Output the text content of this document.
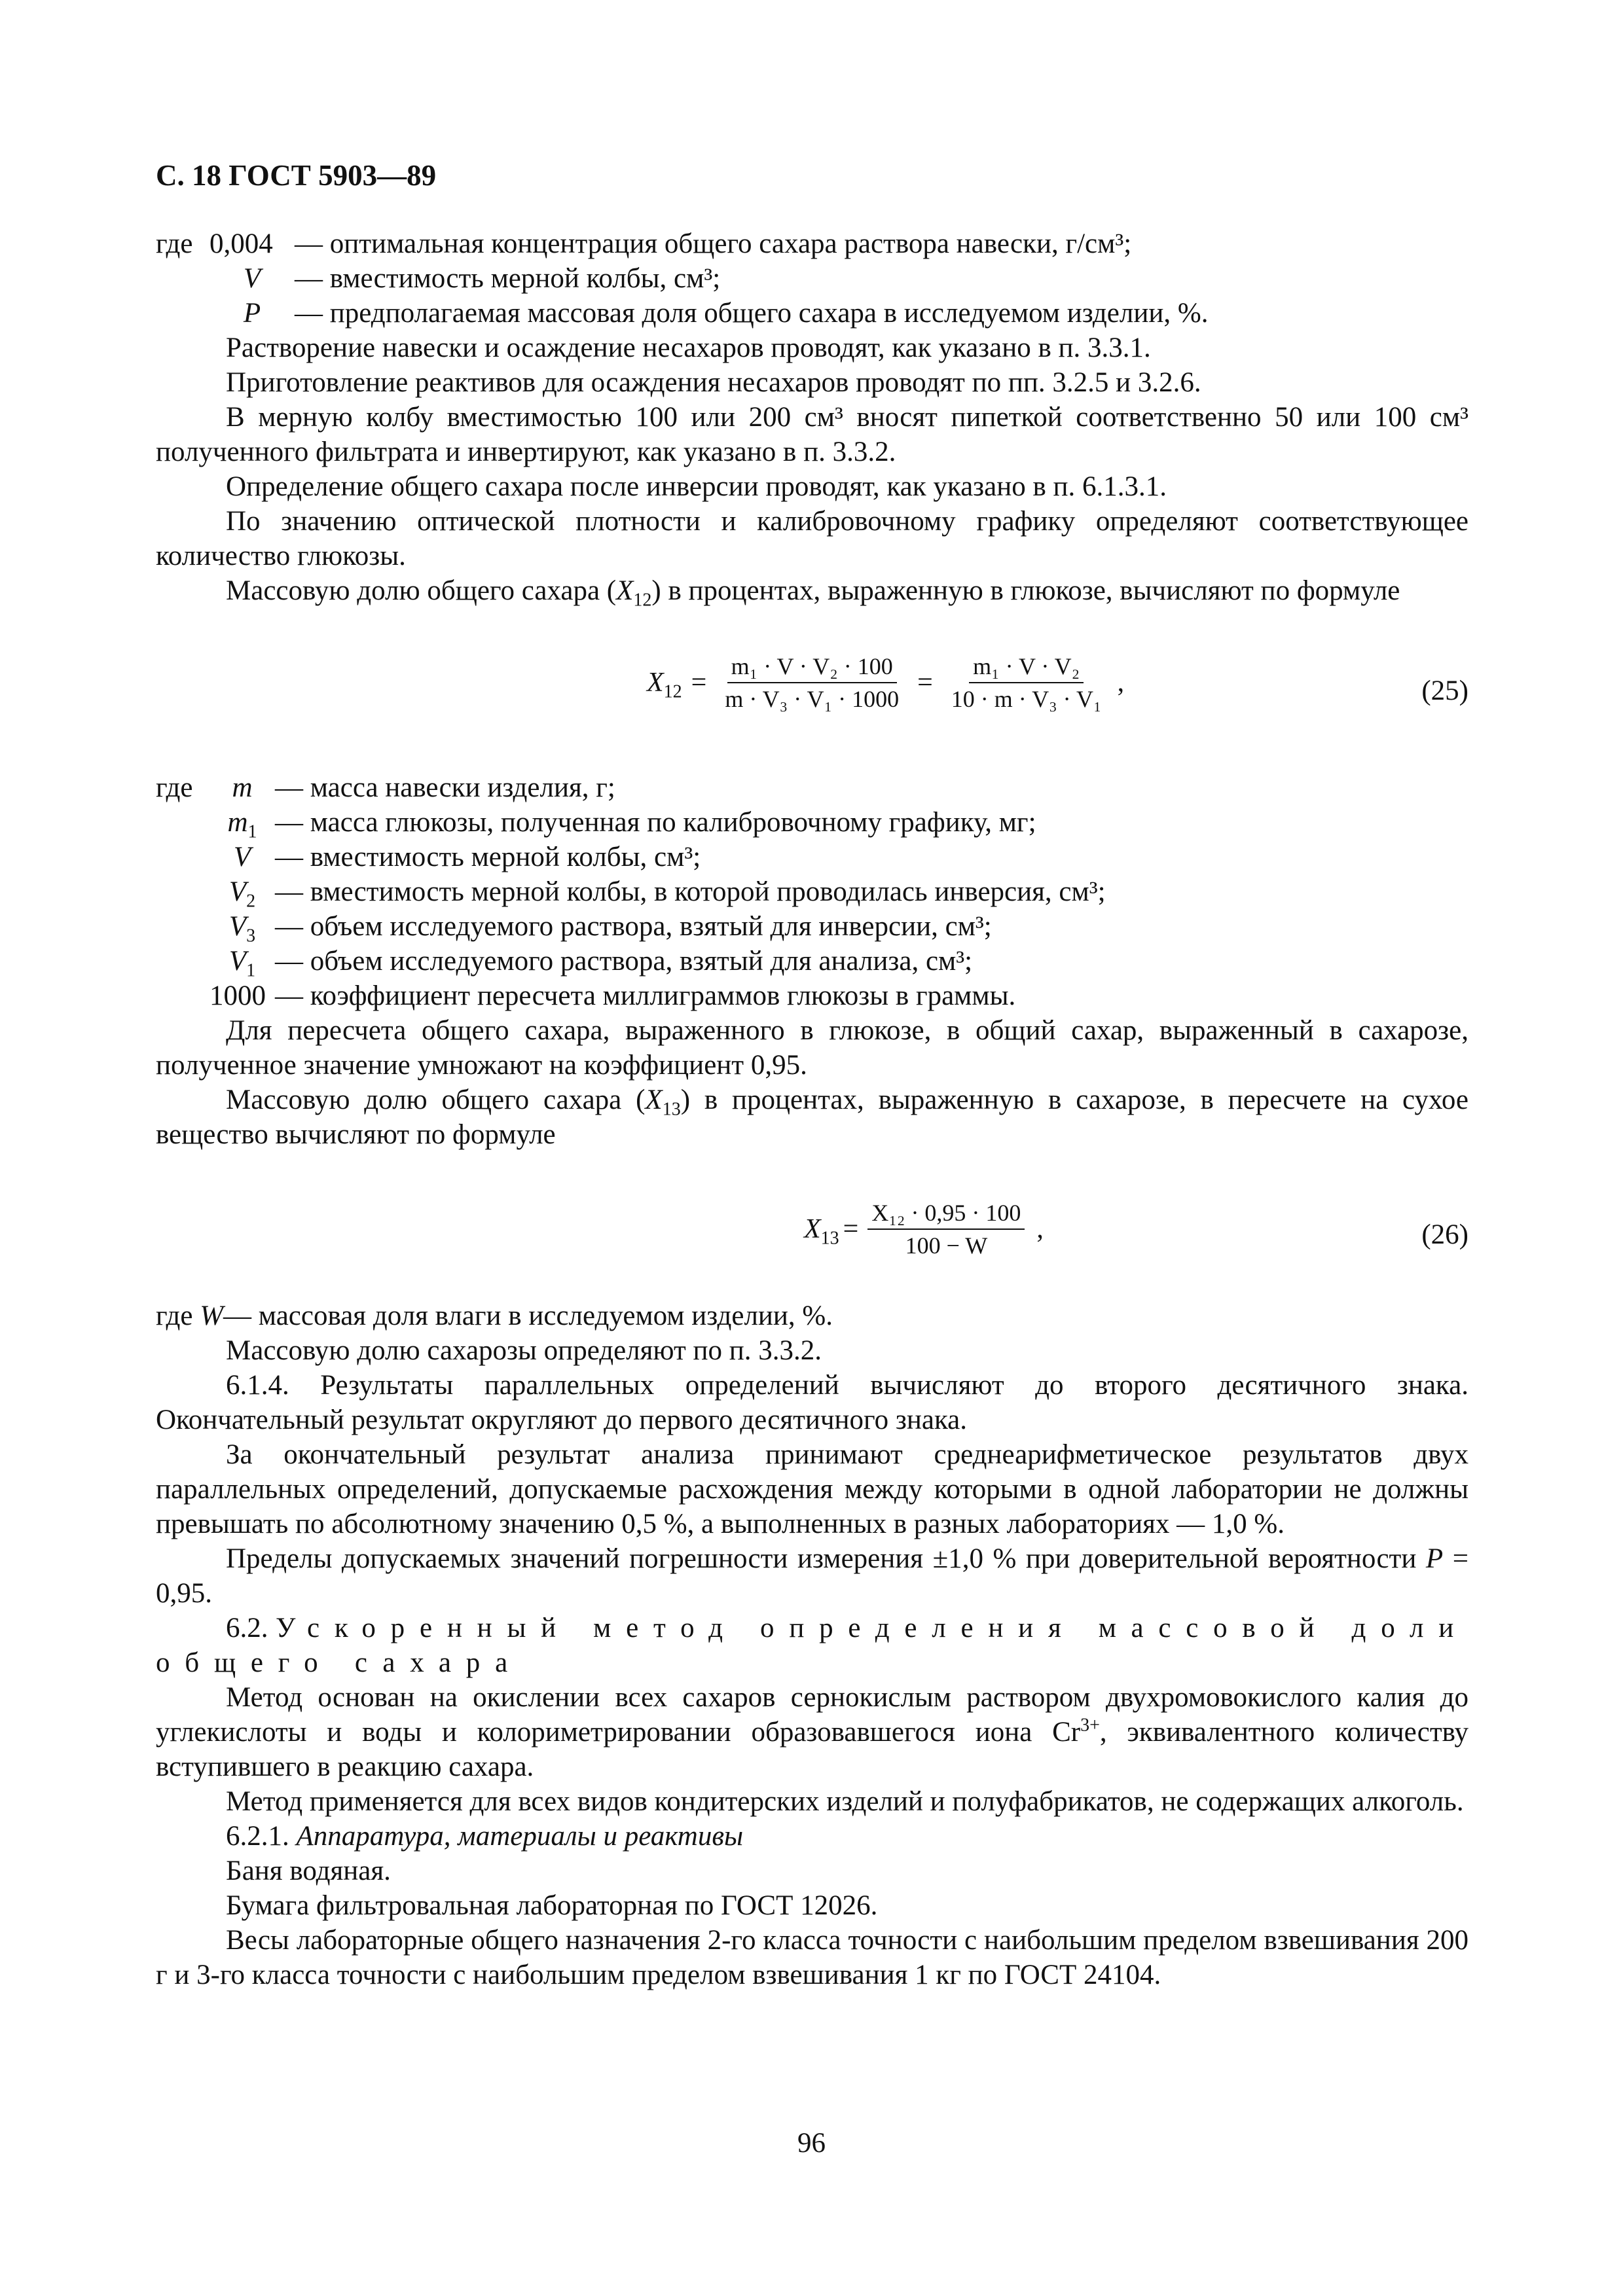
С. 18 ГОСТ 5903—89
где	0,004	— оптимальная концентрация общего сахара раствора навески, г/см³;
	V	— вместимость мерной колбы, см³;
	P	— предполагаемая массовая доля общего сахара в исследуемом изделии, %.

Растворение навески и осаждение несахаров проводят, как указано в п. 3.3.1.

Приготовление реактивов для осаждения несахаров проводят по пп. 3.2.5 и 3.2.6.

В мерную колбу вместимостью 100 или 200 см³ вносят пипеткой соответственно 50 или 100 см³ полученного фильтрата и инвертируют, как указано в п. 3.3.2.

Определение общего сахара после инверсии проводят, как указано в п. 6.1.3.1.

По значению оптической плотности и калибровочному графику определяют соответствующее количество глюкозы.

Массовую долю общего сахара $(X_{12})$ в процентах, выраженную в глюкозе, вычисляют по формуле

$X_{12} = \frac{\text{m₁ · V · V₂ · 100}}{\text{m · V₃ · V₁ · 1000}} = \frac{\text{m₁ · V · V₂}}{\text{10 · m · V₃ · V₁}}$ ,	(25)
где	m	— масса навески изделия, г;
	$m_1$	— масса глюкозы, полученная по калибровочному графику, мг;
	V	— вместимость мерной колбы, см³;
	$V_2$	— вместимость мерной колбы, в которой проводилась инверсия, см³;
	$V_3$	— объем исследуемого раствора, взятый для инверсии, см³;
	$V_1$	— объем исследуемого раствора, взятый для анализа, см³;
	1000	— коэффициент пересчета миллиграммов глюкозы в граммы.

Для пересчета общего сахара, выраженного в глюкозе, в общий сахар, выраженный в сахарозе, полученное значение умножают на коэффициент 0,95.

Массовую долю общего сахара $(X_{13})$ в процентах, выраженную в сахарозе, в пересчете на сухое вещество вычисляют по формуле

$X_{13} = \frac{\text{X₁₂ · 0,95 · 100}}{100 - W}$ ,	(26)

где W— массовая доля влаги в исследуемом изделии, %.

Массовую долю сахарозы определяют по п. 3.3.2.

6.1.4. Результаты параллельных определений вычисляют до второго десятичного знака. Окончательный результат округляют до первого десятичного знака.

За окончательный результат анализа принимают среднеарифметическое результатов двух параллельных определений, допускаемые расхождения между которыми в одной лаборатории не должны превышать по абсолютному значению 0,5 %, а выполненных в разных лабораториях — 1,0 %.

Пределы допускаемых значений погрешности измерения ±1,0 % при доверительной вероятности P = 0,95.

6.2. Ускоренный метод определения массовой доли общего сахара

Метод основан на окислении всех сахаров сернокислым раствором двухромовокислого калия до углекислоты и воды и колориметрировании образовавшегося иона $Cr^{3+}$, эквивалентного количеству вступившего в реакцию сахара.

Метод применяется для всех видов кондитерских изделий и полуфабрикатов, не содержащих алкоголь.

6.2.1. Аппаратура, материалы и реактивы

Баня водяная.

Бумага фильтровальная лабораторная по ГОСТ 12026.

Весы лабораторные общего назначения 2-го класса точности с наибольшим пределом взвешивания 200 г и 3-го класса точности с наибольшим пределом взвешивания 1 кг по ГОСТ 24104.

96
